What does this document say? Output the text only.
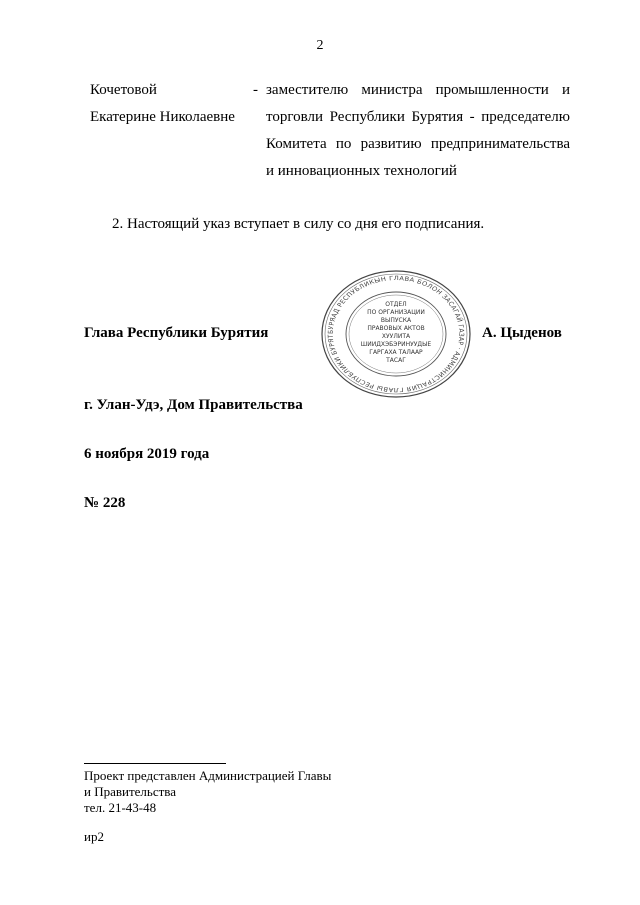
2
Кочетовой
Екатерине Николаевне
- заместителю министра промышленности и
торговли Республики Бурятия - председателю
Комитета по развитию предпринимательства
и инновационных технологий
2. Настоящий указ вступает в силу со дня его подписания.
БУРЯАД РЕСПУБЛИКЫН ГЛАВА БОЛОН ЗАСАГАЙ ГАЗАР · АДМИНИСТРАЦИЯ ГЛАВЫ РЕСПУБЛИКИ БУРЯТ
ОТДЕЛ
ПО ОРГАНИЗАЦИИ
ВЫПУСКА
ПРАВОВЫХ АКТОВ
ХУУЛИТА
ШИИДХЭБЭРИНУУДЫЕ
ГАРГАХА ТАЛААР
ТАСАГ
Глава Республики Бурятия	А. Цыденов
г. Улан-Удэ, Дом Правительства
6 ноября 2019 года
№ 228
Проект представлен Администрацией Главы
и Правительства
тел. 21-43-48
ир2
